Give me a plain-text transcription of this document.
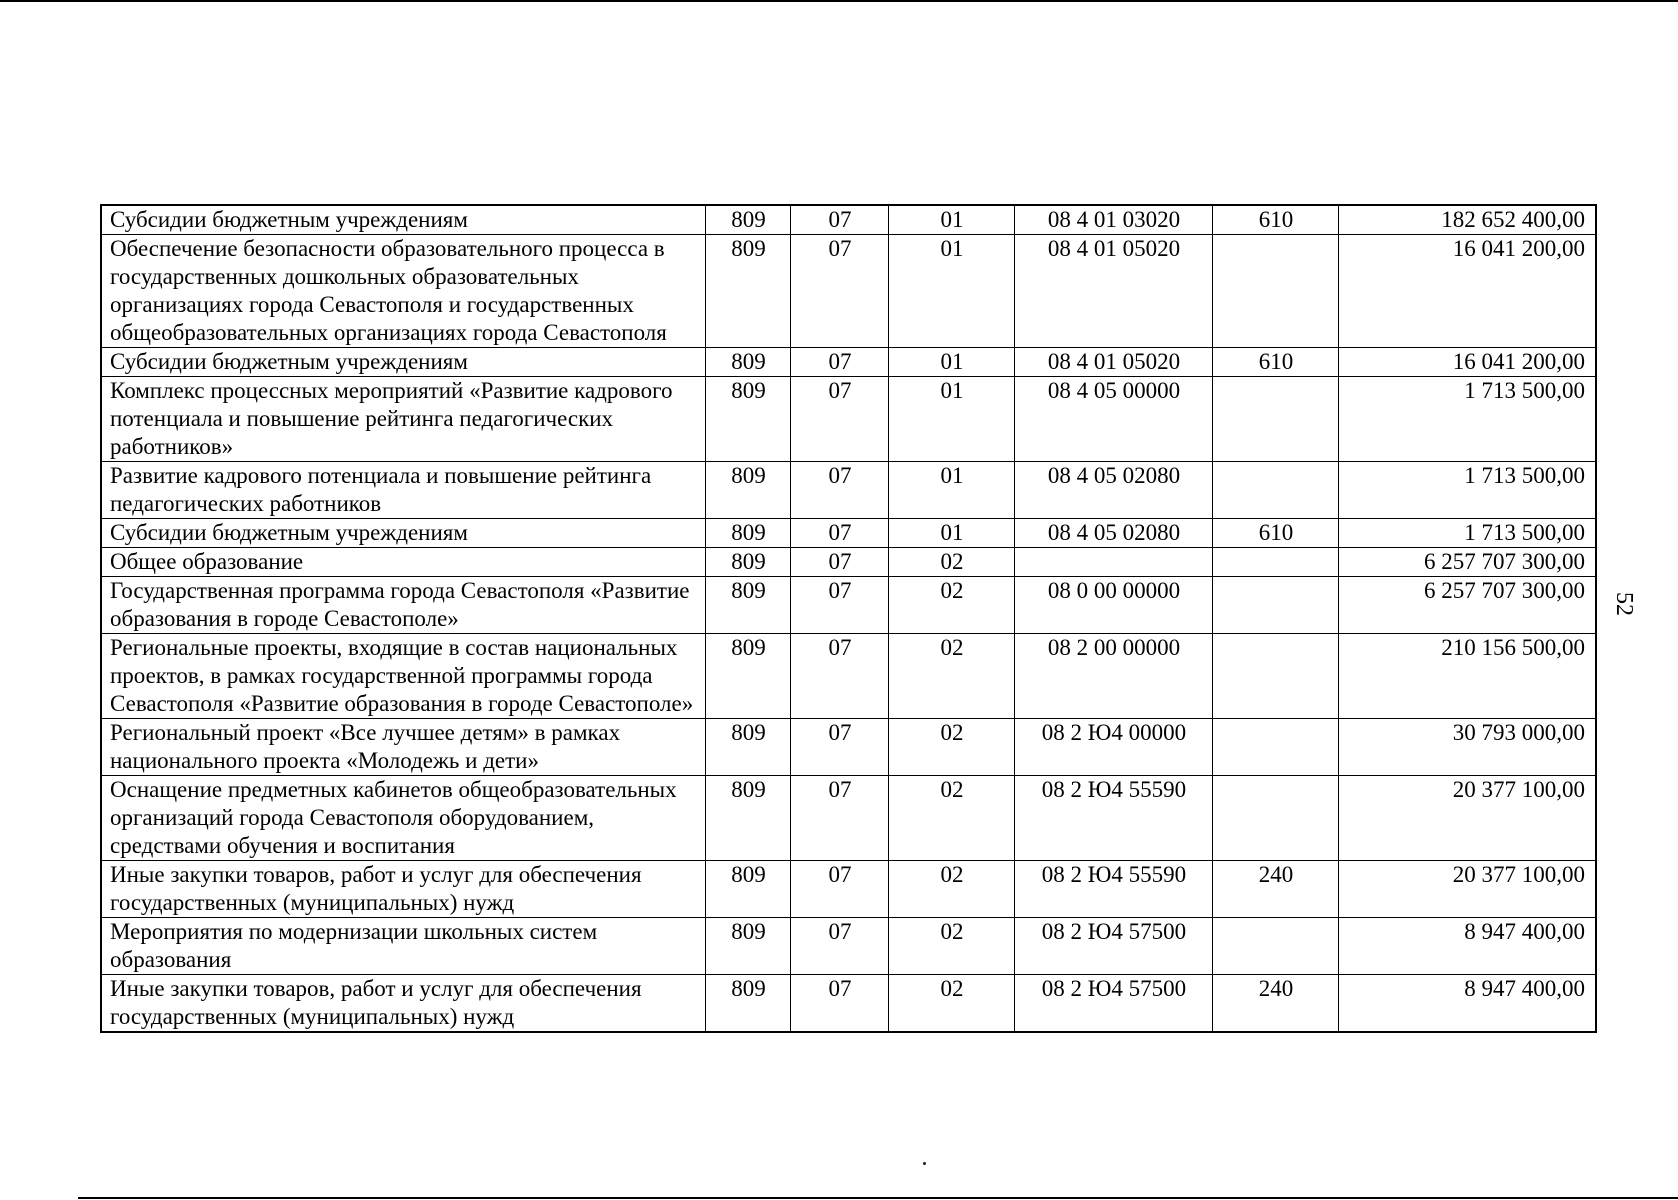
Субсидии бюджетным учреждениям	809	07	01	08 4 01 03020	610	182 652 400,00
Обеспечение безопасности образовательного процесса в государственных дошкольных образовательных организациях города Севастополя и государственных общеобразовательных организациях города Севастополя	809	07	01	08 4 01 05020		16 041 200,00
Субсидии бюджетным учреждениям	809	07	01	08 4 01 05020	610	16 041 200,00
Комплекс процессных мероприятий «Развитие кадрового потенциала и повышение рейтинга педагогических работников»	809	07	01	08 4 05 00000		1 713 500,00
Развитие кадрового потенциала и повышение рейтинга педагогических работников	809	07	01	08 4 05 02080		1 713 500,00
Субсидии бюджетным учреждениям	809	07	01	08 4 05 02080	610	1 713 500,00
Общее образование	809	07	02			6 257 707 300,00
Государственная программа города Севастополя «Развитие образования в городе Севастополе»	809	07	02	08 0 00 00000		6 257 707 300,00
Региональные проекты, входящие в состав национальных проектов, в рамках государственной программы города Севастополя «Развитие образования в городе Севастополе»	809	07	02	08 2 00 00000		210 156 500,00
Региональный проект «Все лучшее детям» в рамках национального проекта «Молодежь и дети»	809	07	02	08 2 Ю4 00000		30 793 000,00
Оснащение предметных кабинетов общеобразовательных организаций города Севастополя оборудованием, средствами обучения и воспитания	809	07	02	08 2 Ю4 55590		20 377 100,00
Иные закупки товаров, работ и услуг для обеспечения государственных (муниципальных) нужд	809	07	02	08 2 Ю4 55590	240	20 377 100,00
Мероприятия по модернизации школьных систем образования	809	07	02	08 2 Ю4 57500		8 947 400,00
Иные закупки товаров, работ и услуг для обеспечения государственных (муниципальных) нужд	809	07	02	08 2 Ю4 57500	240	8 947 400,00
52
